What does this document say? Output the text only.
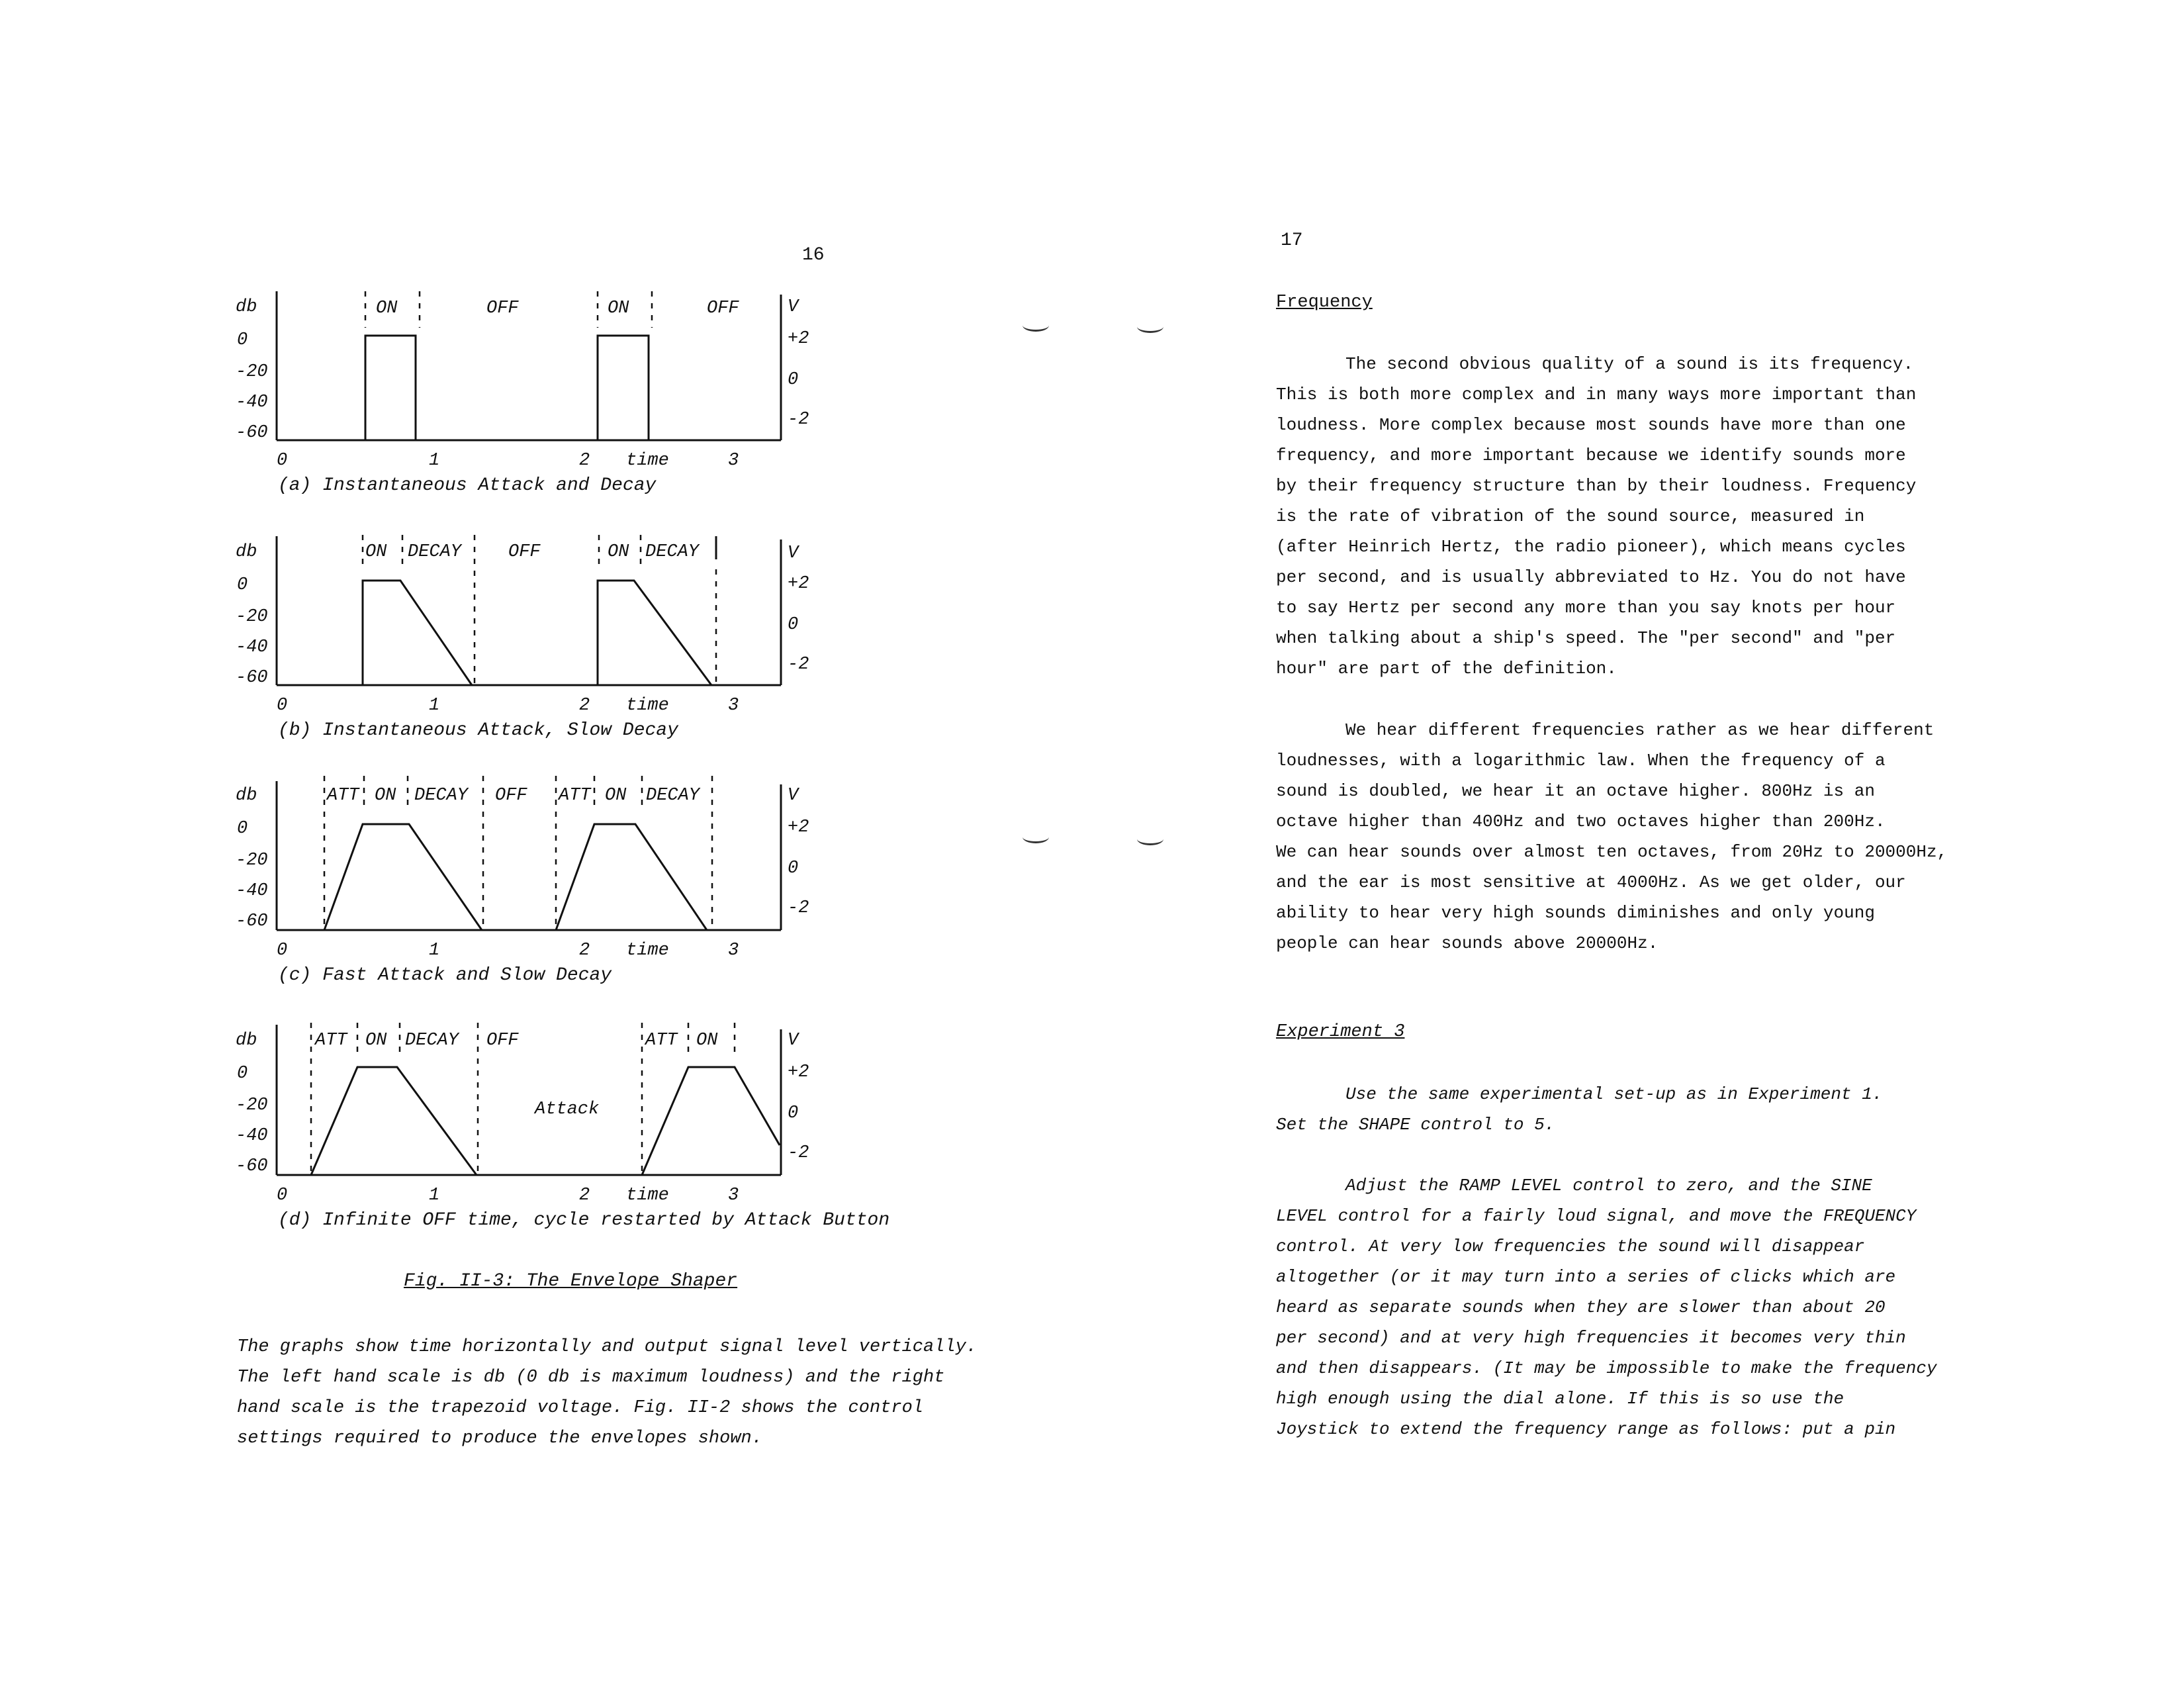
16
db
0
-20
-40
-60
V
+2
0
-2
ON	OFF	ON	OFF
0	1	2 time	3
db
0
-20
-40
-60
V
+2
0
-2
ON DECAY	OFF	ON DECAY
0	1	2 time	3
db
0
-20
-40
-60
V
+2
0
-2
ATT ON DECAY OFF ATT ON DECAY
0	1	2 time	3
db
0
-20
-40
-60
V
+2
0
-2
ATT ON DECAY OFF	ATT ON
Attack
0	1	2 time	3
(a) Instantaneous Attack and Decay
(b) Instantaneous Attack, Slow Decay
(c) Fast Attack and Slow Decay
(d) Infinite OFF time, cycle restarted by Attack Button
Fig. II-3: The Envelope Shaper
The graphs show time horizontally and output signal level vertically.
The left hand scale is db (0 db is maximum loudness) and the right
hand scale is the trapezoid voltage. Fig. II-2 shows the control
settings required to produce the envelopes shown.
17
Frequency
The second obvious quality of a sound is its frequency.
This is both more complex and in many ways more important than
loudness. More complex because most sounds have more than one
frequency, and more important because we identify sounds more
by their frequency structure than by their loudness. Frequency
is the rate of vibration of the sound source, measured in
(after Heinrich Hertz, the radio pioneer), which means cycles
per second, and is usually abbreviated to Hz. You do not have
to say Hertz per second any more than you say knots per hour
when talking about a ship's speed. The "per second" and "per
hour" are part of the definition.
We hear different frequencies rather as we hear different
loudnesses, with a logarithmic law. When the frequency of a
sound is doubled, we hear it an octave higher. 800Hz is an
octave higher than 400Hz and two octaves higher than 200Hz.
We can hear sounds over almost ten octaves, from 20Hz to 20000Hz,
and the ear is most sensitive at 4000Hz. As we get older, our
ability to hear very high sounds diminishes and only young
people can hear sounds above 20000Hz.
Experiment 3
Use the same experimental set-up as in Experiment 1.
Set the SHAPE control to 5.
Adjust the RAMP LEVEL control to zero, and the SINE
LEVEL control for a fairly loud signal, and move the FREQUENCY
control. At very low frequencies the sound will disappear
altogether (or it may turn into a series of clicks which are
heard as separate sounds when they are slower than about 20
per second) and at very high frequencies it becomes very thin
and then disappears. (It may be impossible to make the frequency
high enough using the dial alone. If this is so use the
Joystick to extend the frequency range as follows: put a pin
